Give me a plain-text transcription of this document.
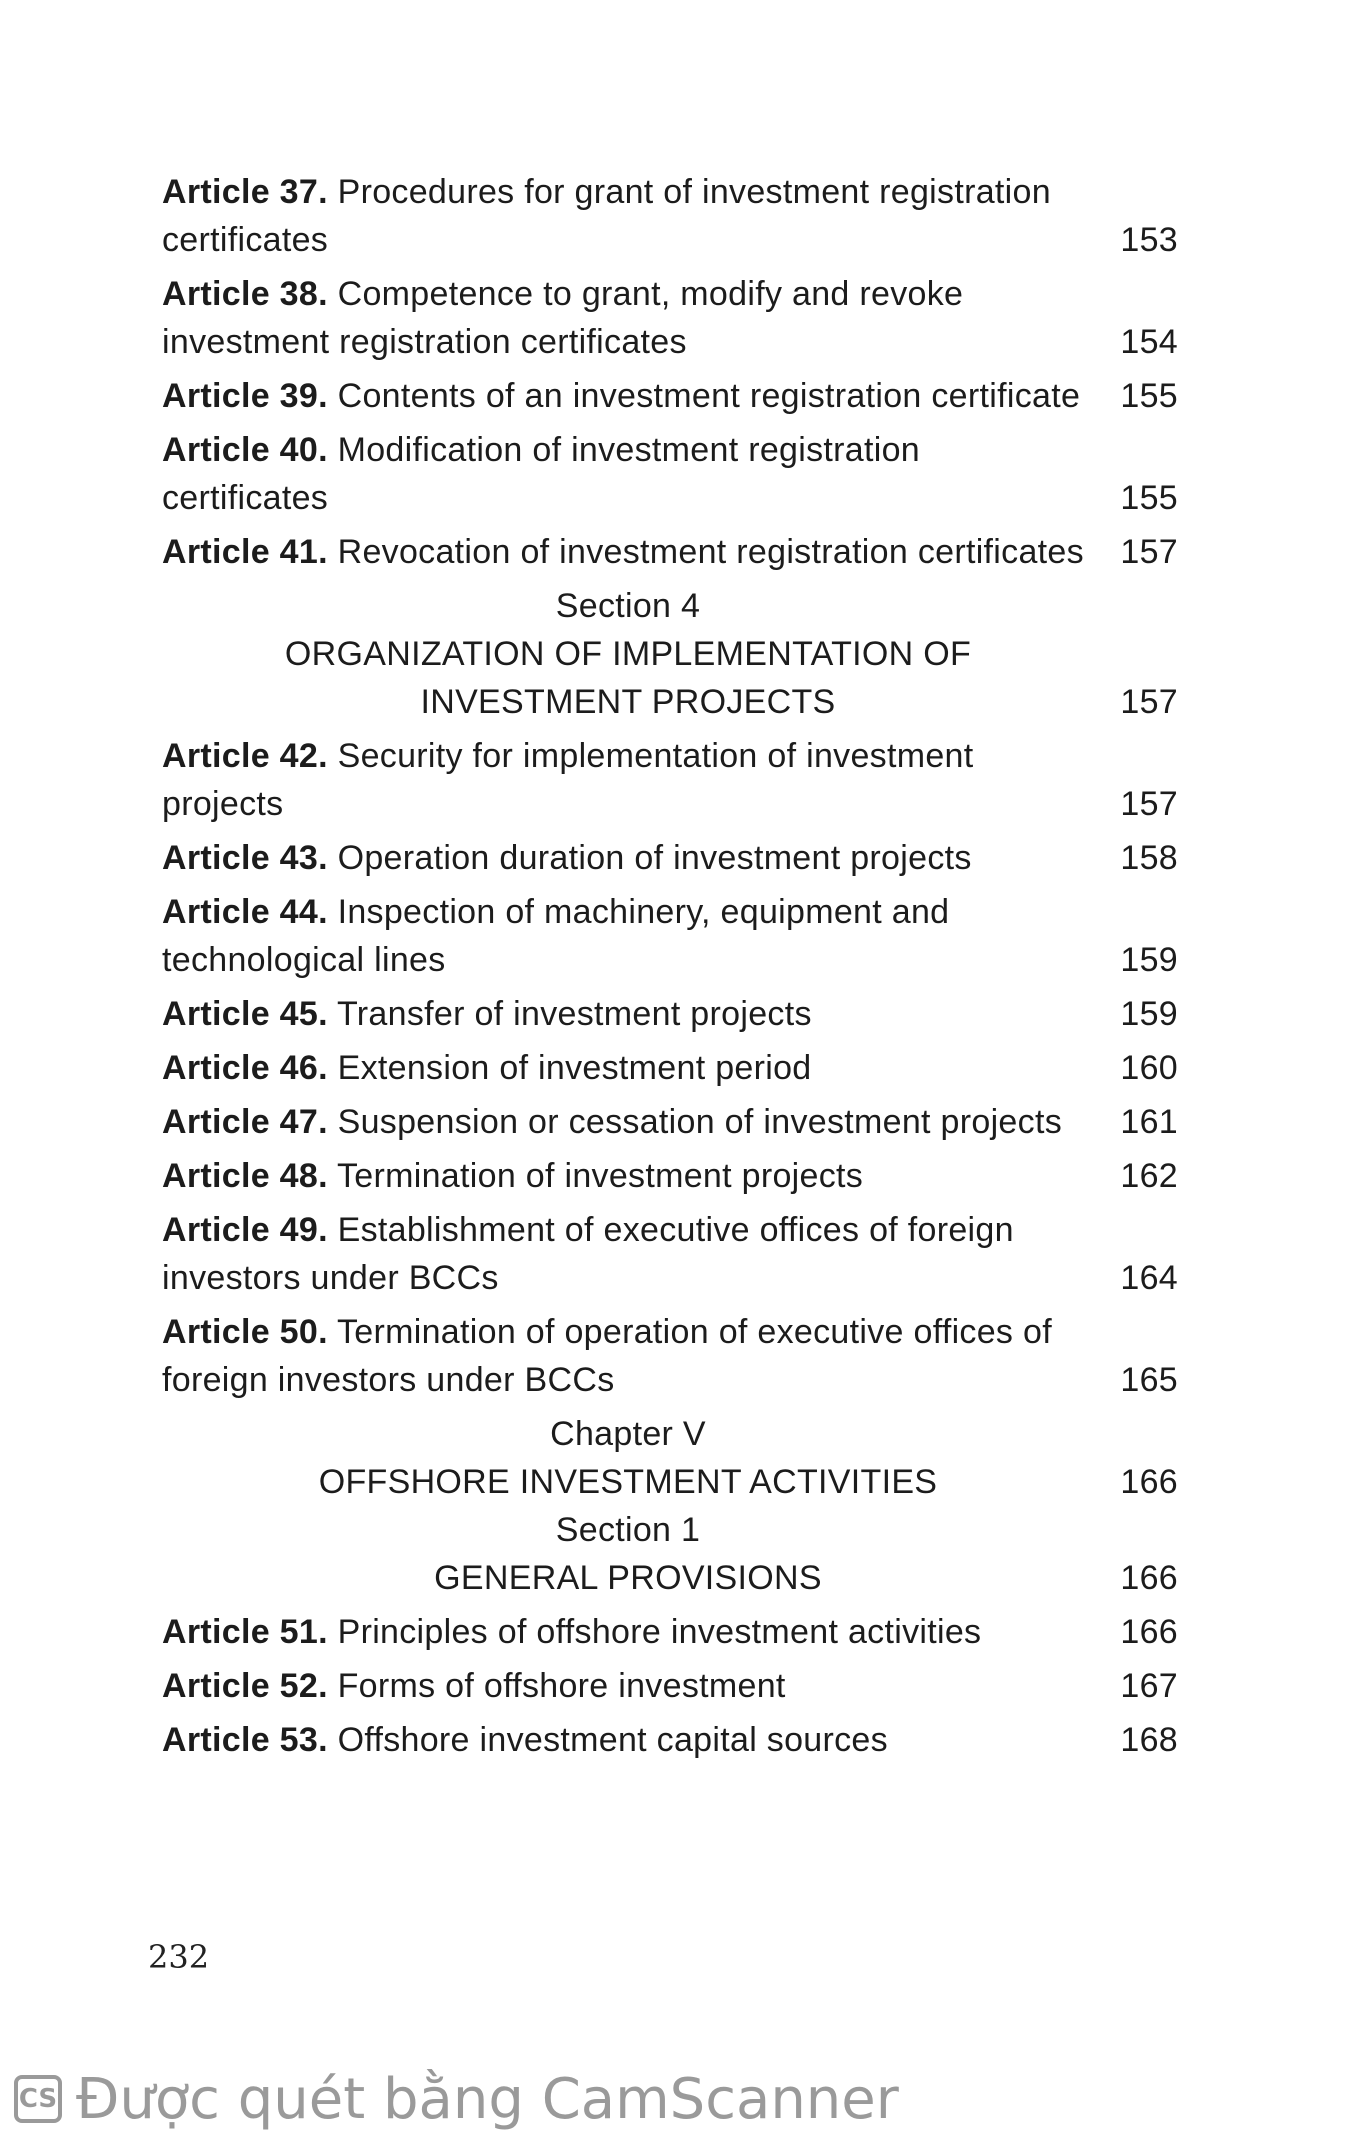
Article 37. Procedures for grant of investment registration certificates	153
Article 38. Competence to grant, modify and revoke investment registration certificates	154
Article 39. Contents of an investment registration certificate	155
Article 40. Modification of investment registration certificates	155
Article 41. Revocation of investment registration certificates	157
Section 4
ORGANIZATION OF IMPLEMENTATION OF
INVESTMENT PROJECTS	157
Article 42. Security for implementation of investment projects	157
Article 43. Operation duration of investment projects	158
Article 44. Inspection of machinery, equipment and technological lines	159
Article 45. Transfer of investment projects	159
Article 46. Extension of investment period	160
Article 47. Suspension or cessation of investment projects	161
Article 48. Termination of investment projects	162
Article 49. Establishment of executive offices of foreign investors under BCCs	164
Article 50. Termination of operation of executive offices of foreign investors under BCCs	165
Chapter V
OFFSHORE INVESTMENT ACTIVITIES	166
Section 1
GENERAL PROVISIONS	166
Article 51. Principles of offshore investment activities	166
Article 52. Forms of offshore investment	167
Article 53. Offshore investment capital sources	168
232
CS Được quét bằng CamScanner
